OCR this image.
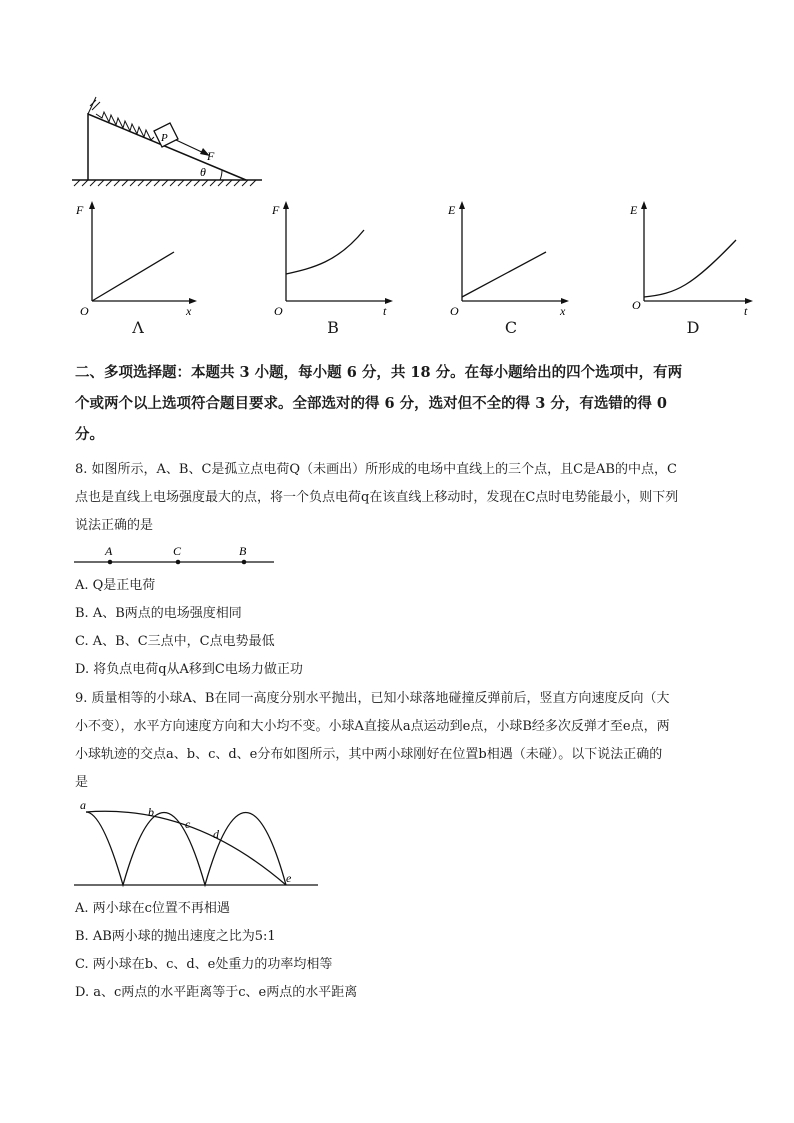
P
F
θ
F
O	x
Λ
F
O	t
B
E
O	x
C
E
O	t
D
二、多项选择题：本题共 3 小题，每小题 6 分，共 18 分。在每小题给出的四个选项中，有两
个或两个以上选项符合题目要求。全部选对的得 6 分，选对但不全的得 3 分，有选错的得 0
分。
8. 如图所示，A、B、C是孤立点电荷Q（未画出）所形成的电场中直线上的三个点，且C是AB的中点，C
点也是直线上电场强度最大的点，将一个负点电荷q在该直线上移动时，发现在C点时电势能最小，则下列
说法正确的是
A	C	B
A. Q是正电荷
B. A、B两点的电场强度相同
C. A、B、C三点中，C点电势最低
D. 将负点电荷q从A移到C电场力做正功
9. 质量相等的小球A、B在同一高度分别水平抛出，已知小球落地碰撞反弹前后，竖直方向速度反向（大
小不变），水平方向速度方向和大小均不变。小球A直接从a点运动到e点，小球B经多次反弹才至e点，两
小球轨迹的交点a、b、c、d、e分布如图所示，其中两小球刚好在位置b相遇（未碰）。以下说法正确的
是
a	b
c
d
e
A. 两小球在c位置不再相遇
B. AB两小球的抛出速度之比为5:1
C. 两小球在b、c、d、e处重力的功率均相等
D. a、c两点的水平距离等于c、e两点的水平距离
